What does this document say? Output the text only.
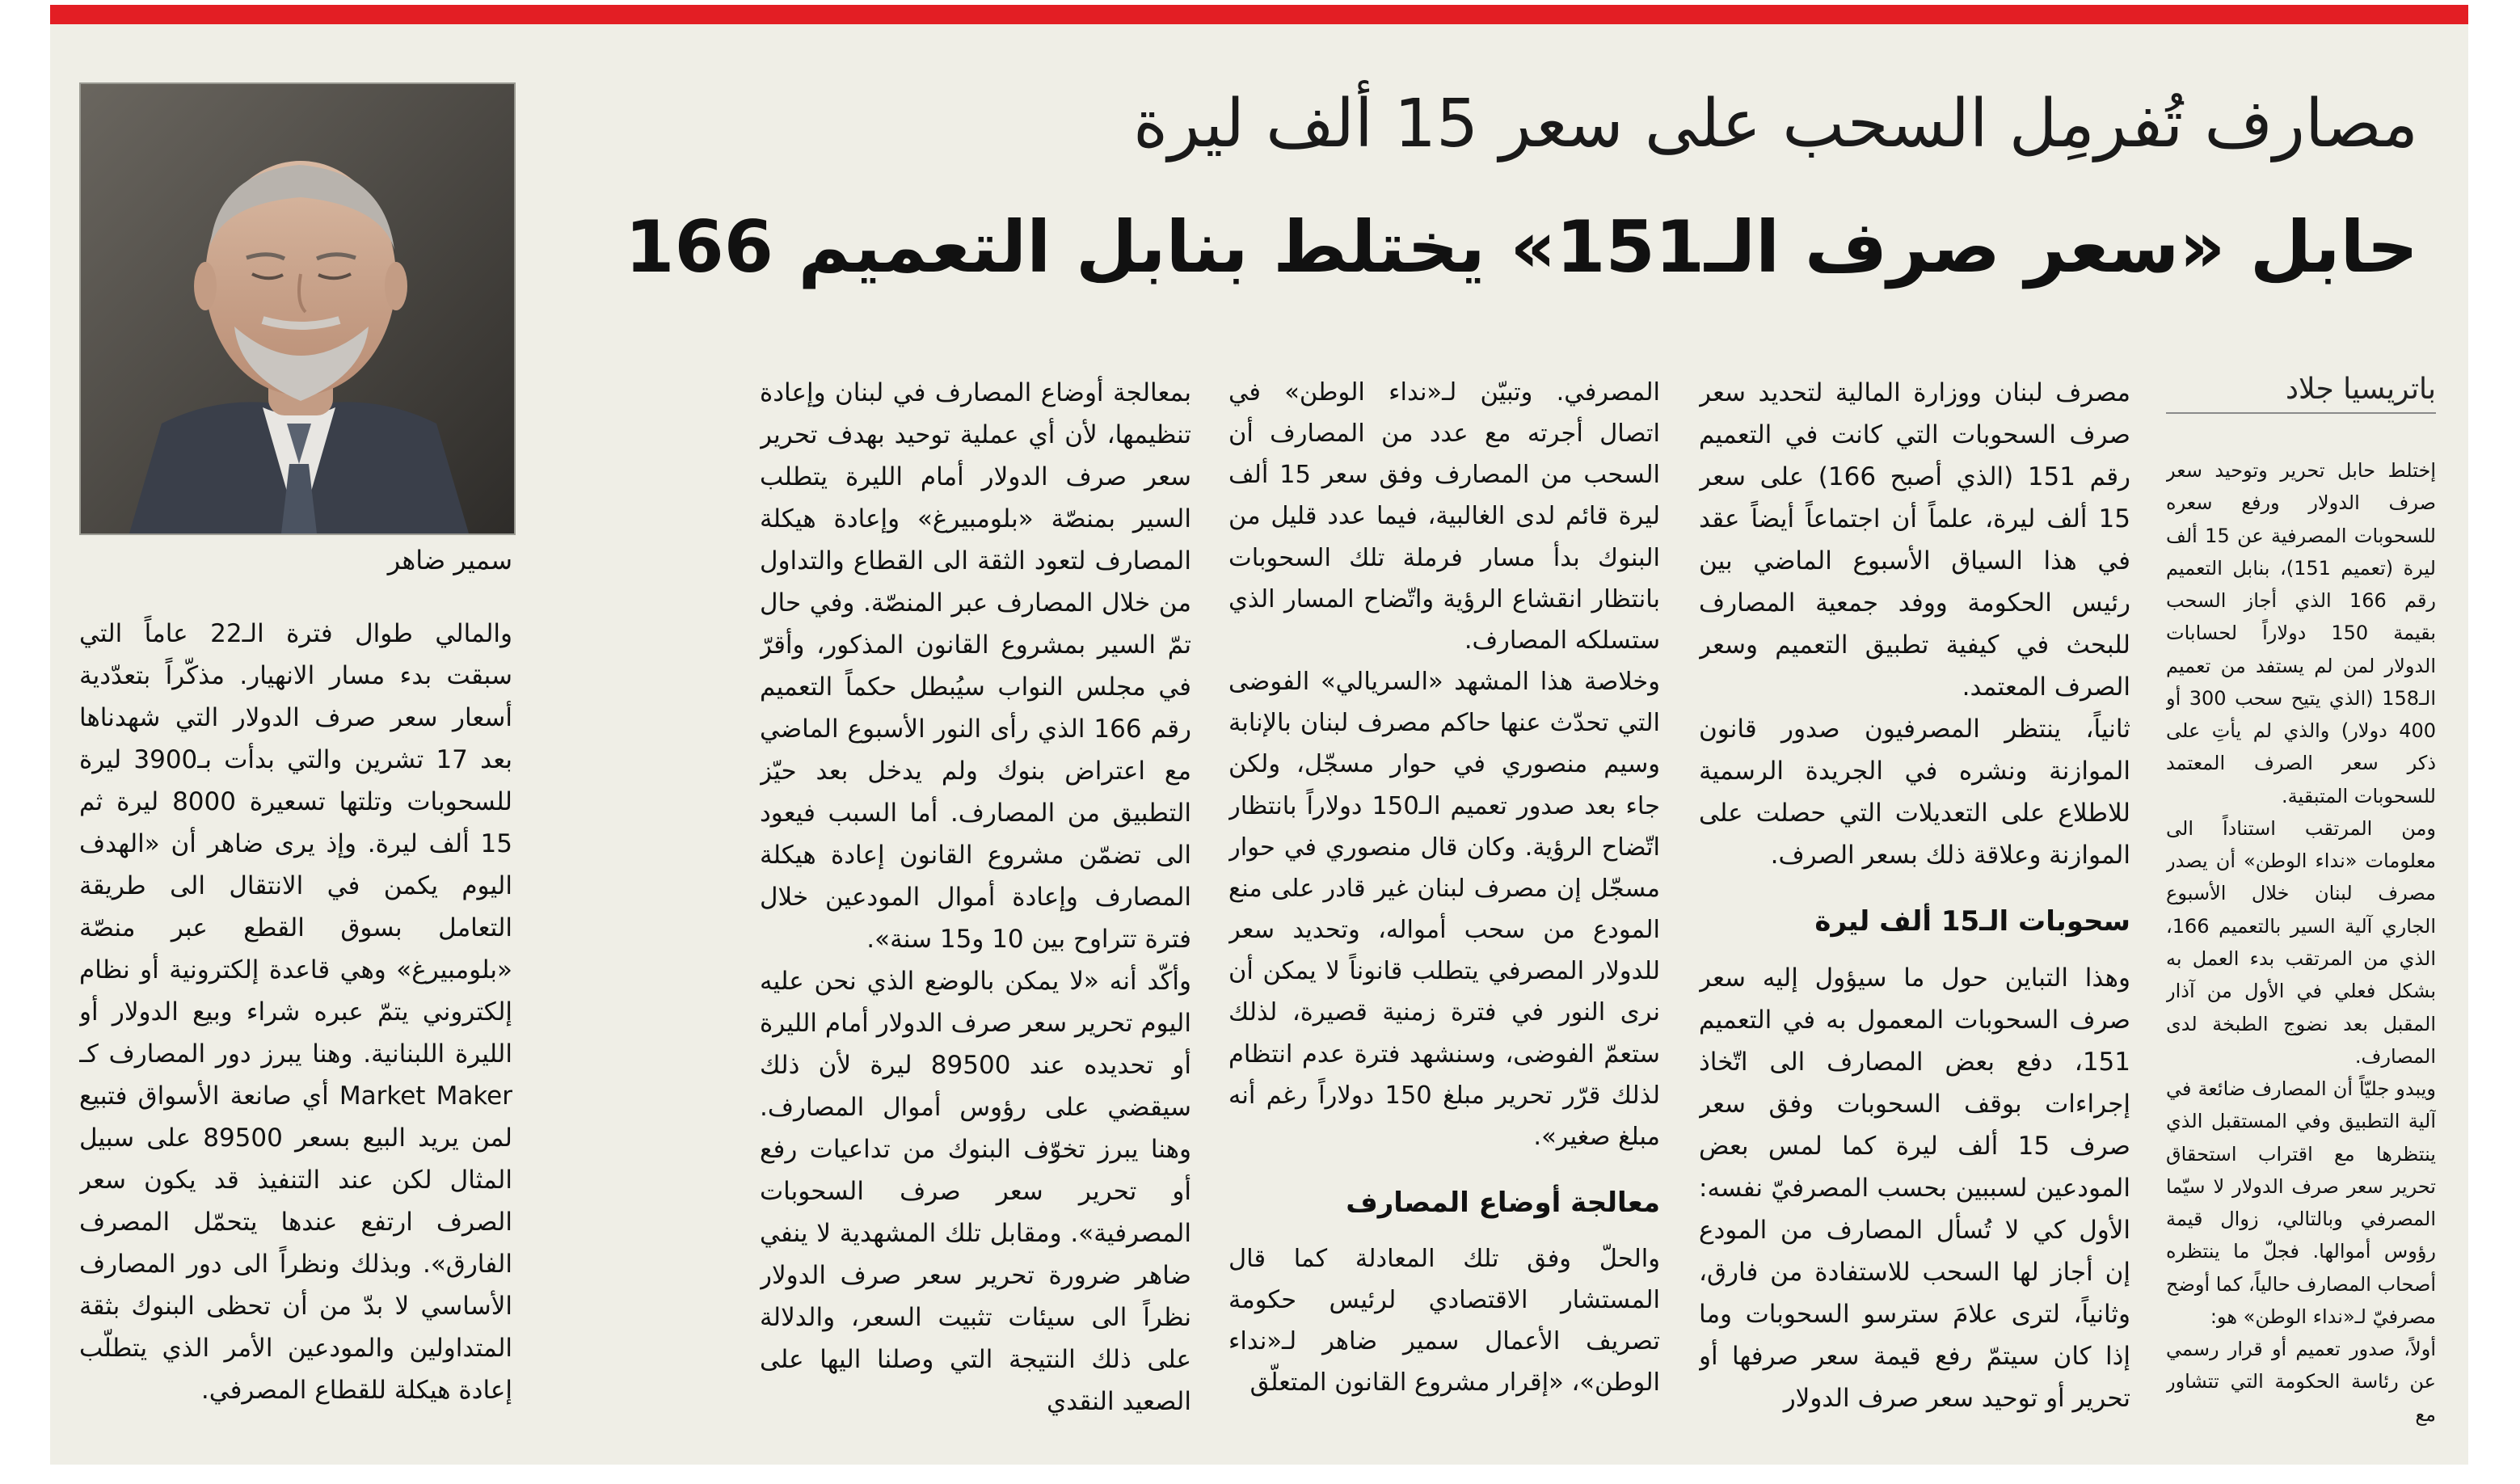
مصارف تُفرمِل السحب على سعر 15 ألف ليرة
حابل «سعر صرف الـ151» يختلط بنابل التعميم 166
باتريسيا جلاد

إختلط حابل تحرير وتوحيد سعر صرف الدولار ورفع سعره للسحوبات المصرفية عن 15 ألف ليرة (تعميم 151)، بنابل التعميم رقم 166 الذي أجاز السحب بقيمة 150 دولاراً لحسابات الدولار لمن لم يستفد من تعميم الـ158 (الذي يتيح سحب 300 أو 400 دولار) والذي لم يأتِ على ذكر سعر الصرف المعتمد للسحوبات المتبقية.

ومن المرتقب استناداً الى معلومات «نداء الوطن» أن يصدر مصرف لبنان خلال الأسبوع الجاري آلية السير بالتعميم 166، الذي من المرتقب بدء العمل به بشكل فعلي في الأول من آذار المقبل بعد نضوج الطبخة لدى المصارف.

ويبدو جليّاً أن المصارف ضائعة في آلية التطبيق وفي المستقبل الذي ينتظرها مع اقتراب استحقاق تحرير سعر صرف الدولار لا سيّما المصرفي وبالتالي، زوال قيمة رؤوس أموالها. فجلّ ما ينتظره أصحاب المصارف حالياً، كما أوضح مصرفيّ لـ«نداء الوطن» هو:

أولاً، صدور تعميم أو قرار رسمي عن رئاسة الحكومة التي تتشاور مع

مصرف لبنان ووزارة المالية لتحديد سعر صرف السحوبات التي كانت في التعميم رقم 151 (الذي أصبح 166) على سعر 15 ألف ليرة، علماً أن اجتماعاً أيضاً عقد في هذا السياق الأسبوع الماضي بين رئيس الحكومة ووفد جمعية المصارف للبحث في كيفية تطبيق التعميم وسعر الصرف المعتمد.

ثانياً، ينتظر المصرفيون صدور قانون الموازنة ونشره في الجريدة الرسمية للاطلاع على التعديلات التي حصلت على الموازنة وعلاقة ذلك بسعر الصرف.

سحوبات الـ15 ألف ليرة

وهذا التباين حول ما سيؤول إليه سعر صرف السحوبات المعمول به في التعميم 151، دفع بعض المصارف الى اتّخاذ إجراءات بوقف السحوبات وفق سعر صرف 15 ألف ليرة كما لمس بعض المودعين لسببين بحسب المصرفيّ نفسه: الأول كي لا تُسأل المصارف من المودع إن أجاز لها السحب للاستفادة من فارق، وثانياً، لترى علامَ سترسو السحوبات وما إذا كان سيتمّ رفع قيمة سعر صرفها أو تحرير أو توحيد سعر صرف الدولار

المصرفي. وتبيّن لـ«نداء الوطن» في اتصال أجرته مع عدد من المصارف أن السحب من المصارف وفق سعر 15 ألف ليرة قائم لدى الغالبية، فيما عدد قليل من البنوك بدأ مسار فرملة تلك السحوبات بانتظار انقشاع الرؤية واتّضاح المسار الذي ستسلكه المصارف.

وخلاصة هذا المشهد «السريالي» الفوضى التي تحدّث عنها حاكم مصرف لبنان بالإنابة وسيم منصوري في حوار مسجّل، ولكن جاء بعد صدور تعميم الـ150 دولاراً بانتظار اتّضاح الرؤية. وكان قال منصوري في حوار مسجّل إن مصرف لبنان غير قادر على منع المودع من سحب أمواله، وتحديد سعر للدولار المصرفي يتطلب قانوناً لا يمكن أن نرى النور في فترة زمنية قصيرة، لذلك ستعمّ الفوضى، وسنشهد فترة عدم انتظام لذلك قرّر تحرير مبلغ 150 دولاراً رغم أنه مبلغ صغير».

معالجة أوضاع المصارف

والحلّ وفق تلك المعادلة كما قال المستشار الاقتصادي لرئيس حكومة تصريف الأعمال سمير ضاهر لـ«نداء الوطن»، «إقرار مشروع القانون المتعلّق

بمعالجة أوضاع المصارف في لبنان وإعادة تنظيمها، لأن أي عملية توحيد بهدف تحرير سعر صرف الدولار أمام الليرة يتطلب السير بمنصّة «بلومبيرغ» وإعادة هيكلة المصارف لتعود الثقة الى القطاع والتداول من خلال المصارف عبر المنصّة. وفي حال تمّ السير بمشروع القانون المذكور، وأقرّ في مجلس النواب سيُبطل حكماً التعميم رقم 166 الذي رأى النور الأسبوع الماضي مع اعتراض بنوك ولم يدخل بعد حيّز التطبيق من المصارف. أما السبب فيعود الى تضمّن مشروع القانون إعادة هيكلة المصارف وإعادة أموال المودعين خلال فترة تتراوح بين 10 و15 سنة».

وأكّد أنه «لا يمكن بالوضع الذي نحن عليه اليوم تحرير سعر صرف الدولار أمام الليرة أو تحديده عند 89500 ليرة لأن ذلك سيقضي على رؤوس أموال المصارف. وهنا يبرز تخوّف البنوك من تداعيات رفع أو تحرير سعر صرف السحوبات المصرفية». ومقابل تلك المشهدية لا ينفي ضاهر ضرورة تحرير سعر صرف الدولار نظراً الى سيئات تثبيت السعر، والدلالة على ذلك النتيجة التي وصلنا اليها على الصعيد النقدي

سمير ضاهر

والمالي طوال فترة الـ22 عاماً التي سبقت بدء مسار الانهيار. مذكّراً بتعدّدية أسعار سعر صرف الدولار التي شهدناها بعد 17 تشرين والتي بدأت بـ3900 ليرة للسحوبات وتلتها تسعيرة 8000 ليرة ثم 15 ألف ليرة. وإذ يرى ضاهر أن «الهدف اليوم يكمن في الانتقال الى طريقة التعامل بسوق القطع عبر منصّة «بلومبيرغ» وهي قاعدة إلكترونية أو نظام إلكتروني يتمّ عبره شراء وبيع الدولار أو الليرة اللبنانية. وهنا يبرز دور المصارف كـ Market Maker أي صانعة الأسواق فتبيع لمن يريد البيع بسعر 89500 على سبيل المثال لكن عند التنفيذ قد يكون سعر الصرف ارتفع عندها يتحمّل المصرف الفارق». وبذلك ونظراً الى دور المصارف الأساسي لا بدّ من أن تحظى البنوك بثقة المتداولين والمودعين الأمر الذي يتطلّب إعادة هيكلة للقطاع المصرفي.
